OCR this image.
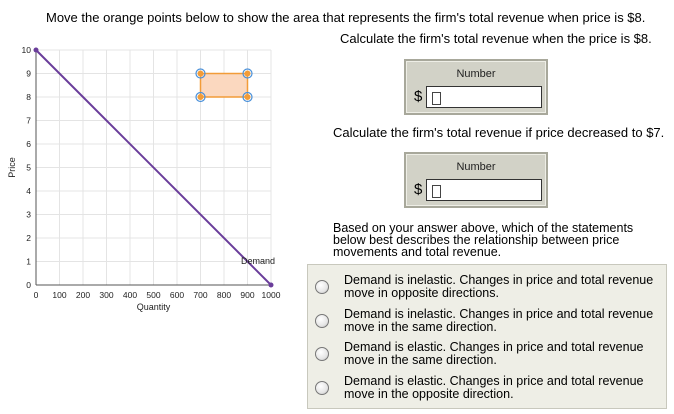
Move the orange points below to show the area that represents the firm's total revenue when price is $8.
0 100 200 300 400 500 600 700 800 900 1000
0
1
2
3
4
5
6
7
8
9
10
Quantity
Price
Demand
Calculate the firm's total revenue when the price is $8.
Number
$
Calculate the firm's total revenue if price decreased to $7.
Number
$
Based on your answer above, which of the statements below best describes the relationship between price movements and total revenue.
Demand is inelastic. Changes in price and total revenue move in opposite directions.
Demand is inelastic. Changes in price and total revenue move in the same direction.
Demand is elastic. Changes in price and total revenue move in the same direction.
Demand is elastic. Changes in price and total revenue move in the opposite direction.
